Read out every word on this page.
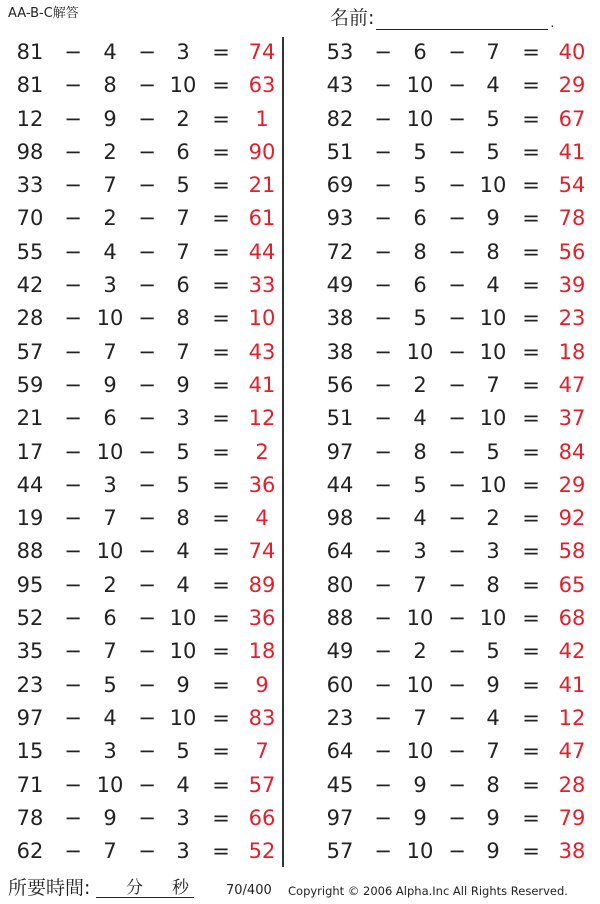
AA-B-C解答	名前:	.
81 −	4	− 3	= 74
81 −	8	− 10 = 63
12 −	9	− 2	=	1
98 −	2	− 6	= 90
33 −	7	− 5	= 21
70 −	2	− 7	= 61
55 −	4	− 7	= 44
42 −	3	− 6	= 33
28 − 10 − 8	= 10
57 −	7	− 7	= 43
59 −	9	− 9	= 41
21 −	6	− 3	= 12
17 − 10 − 5	=	2
44 −	3	− 5	= 36
19 −	7	− 8	=	4
88 − 10 − 4	= 74
95 −	2	− 4	= 89
52 −	6	− 10 = 36
35 −	7	− 10 = 18
23 −	5	− 9	=	9
97 −	4	− 10 = 83
15 −	3	− 5	=	7
71 − 10 − 4	= 57
78 −	9	− 3	= 66
62 −	7	− 3	= 52
53 −	6	− 7	= 40
43 − 10 − 4	= 29
82 − 10 − 5	= 67
51 −	5	− 5	= 41
69 −	5	− 10 = 54
93 −	6	− 9	= 78
72 −	8	− 8	= 56
49 −	6	− 4	= 39
38 −	5	− 10 = 23
38 − 10 − 10 = 18
56 −	2	− 7	= 47
51 −	4	− 10 = 37
97 −	8	− 5	= 84
44 −	5	− 10 = 29
98 −	4	− 2	= 92
64 −	3	− 3	= 58
80 −	7	− 8	= 65
88 − 10 − 10 = 68
49 −	2	− 5	= 42
60 − 10 − 9	= 41
23 −	7	− 4	= 12
64 − 10 − 7	= 47
45 −	9	− 8	= 28
97 −	9	− 9	= 79
57 − 10 − 9	= 38
所要時間: 分 秒	70/400 Copyright © 2006 Alpha.Inc All Rights Reserved.
